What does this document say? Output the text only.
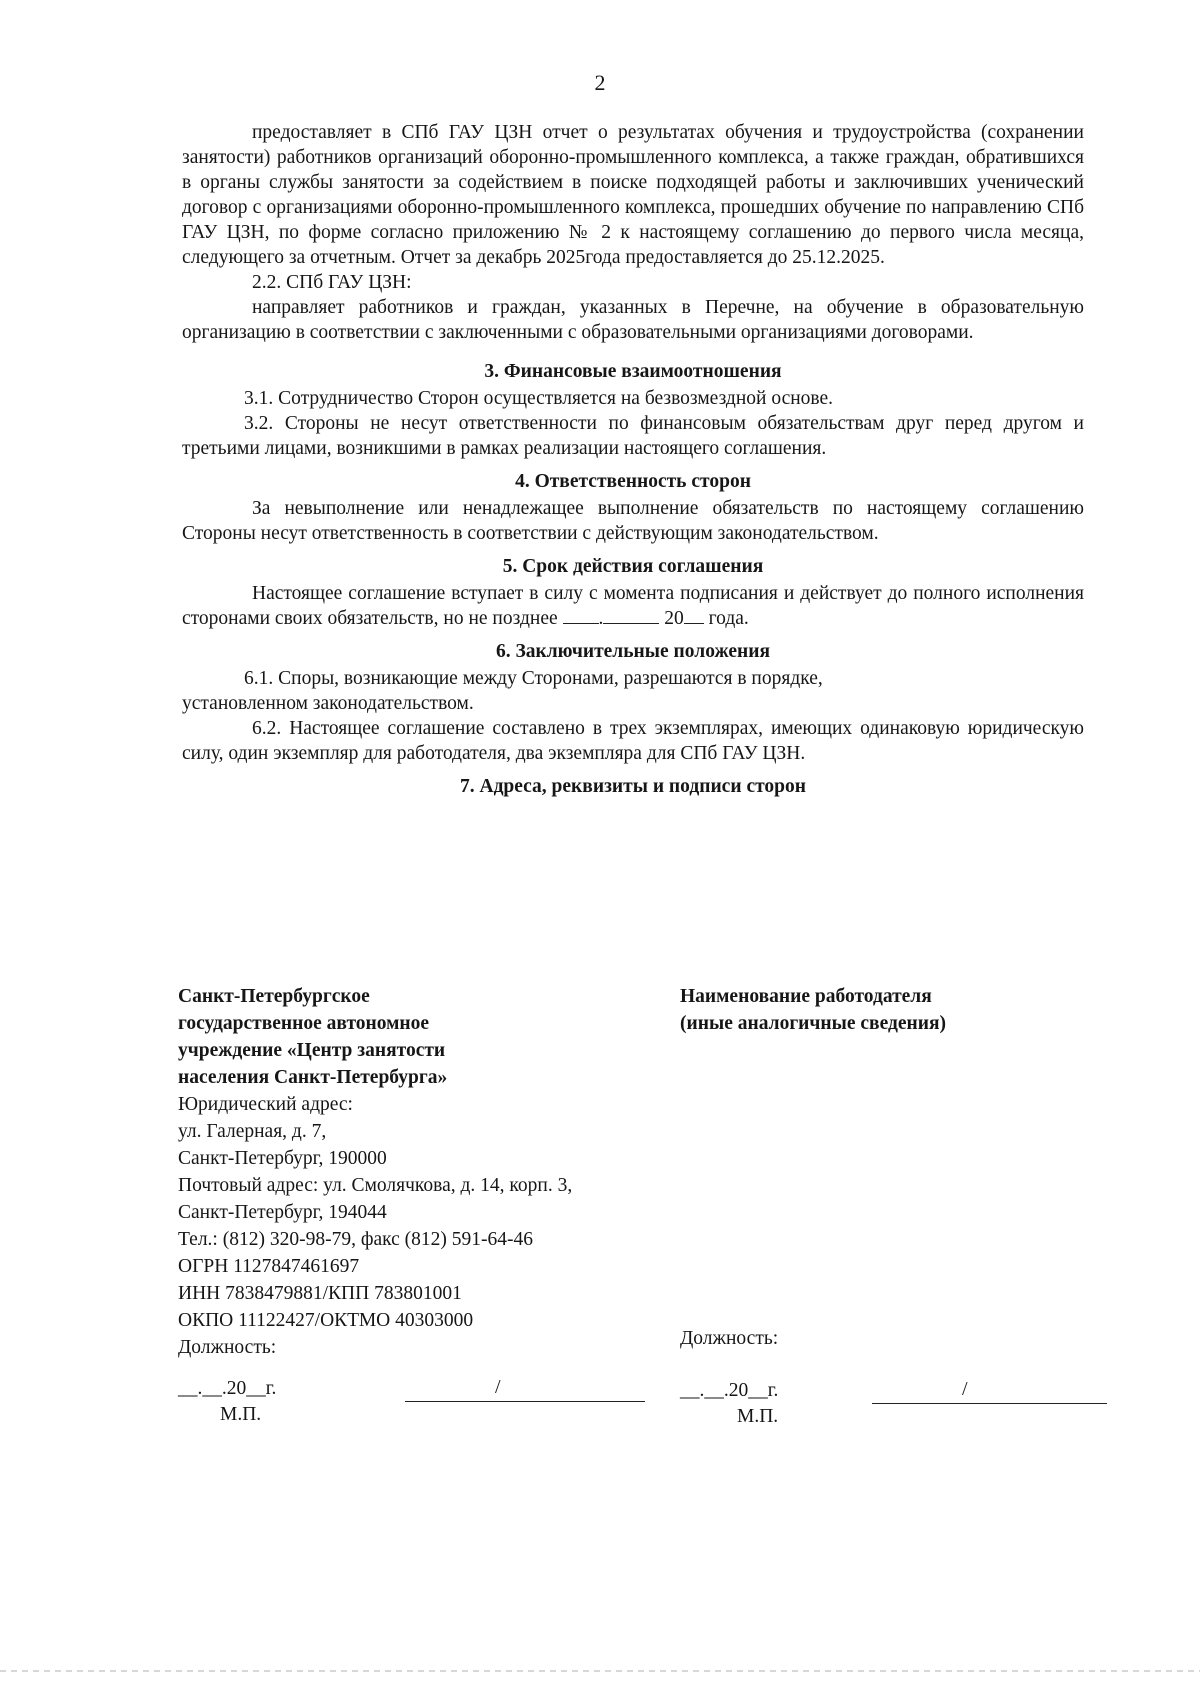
2

предоставляет в СПб ГАУ ЦЗН отчет о результатах обучения и трудоустройства (сохранении занятости) работников организаций оборонно-промышленного комплекса, а также граждан, обратившихся в органы службы занятости за содействием в поиске подходящей работы и заключивших ученический договор с организациями оборонно-промышленного комплекса, прошедших обучение по направлению СПб ГАУ ЦЗН, по форме согласно приложению № 2 к настоящему соглашению до первого числа месяца, следующего за отчетным. Отчет за декабрь 2025года предоставляется до 25.12.2025.

2.2. СПб ГАУ ЦЗН:

направляет работников и граждан, указанных в Перечне, на обучение в образовательную организацию в соответствии с заключенными с образовательными организациями договорами.

3. Финансовые взаимоотношения

3.1. Сотрудничество Сторон осуществляется на безвозмездной основе.

3.2. Стороны не несут ответственности по финансовым обязательствам друг перед другом и третьими лицами, возникшими в рамках реализации настоящего соглашения.

4. Ответственность сторон

За невыполнение или ненадлежащее выполнение обязательств по настоящему соглашению Стороны несут ответственность в соответствии с действующим законодательством.

5. Срок действия соглашения

Настоящее соглашение вступает в силу с момента подписания и действует до полного исполнения сторонами своих обязательств, но не позднее .	20 года.

6. Заключительные положения

6.1. Споры, возникающие между Сторонами, разрешаются в порядке,
установленном законодательством.

6.2. Настоящее соглашение составлено в трех экземплярах, имеющих одинаковую юридическую силу, один экземпляр для работодателя, два экземпляра для СПб ГАУ ЦЗН.

7. Адреса, реквизиты и подписи сторон

Санкт-Петербургское
государственное автономное
учреждение «Центр занятости
населения Санкт-Петербурга»
Юридический адрес:
ул. Галерная, д. 7,
Санкт-Петербург, 190000
Почтовый адрес: ул. Смолячкова, д. 14, корп. 3,
Санкт-Петербург, 194044
Тел.: (812) 320-98-79, факс (812) 591-64-46
ОГРН 1127847461697
ИНН 7838479881/КПП 783801001
ОКПО 11122427/ОКТМО 40303000
Должность:
Наименование работодателя
(иные аналогичные сведения)
Должность:
__.__.20__г.
М.П.
/	__.__.20__г.
М.П.
/
